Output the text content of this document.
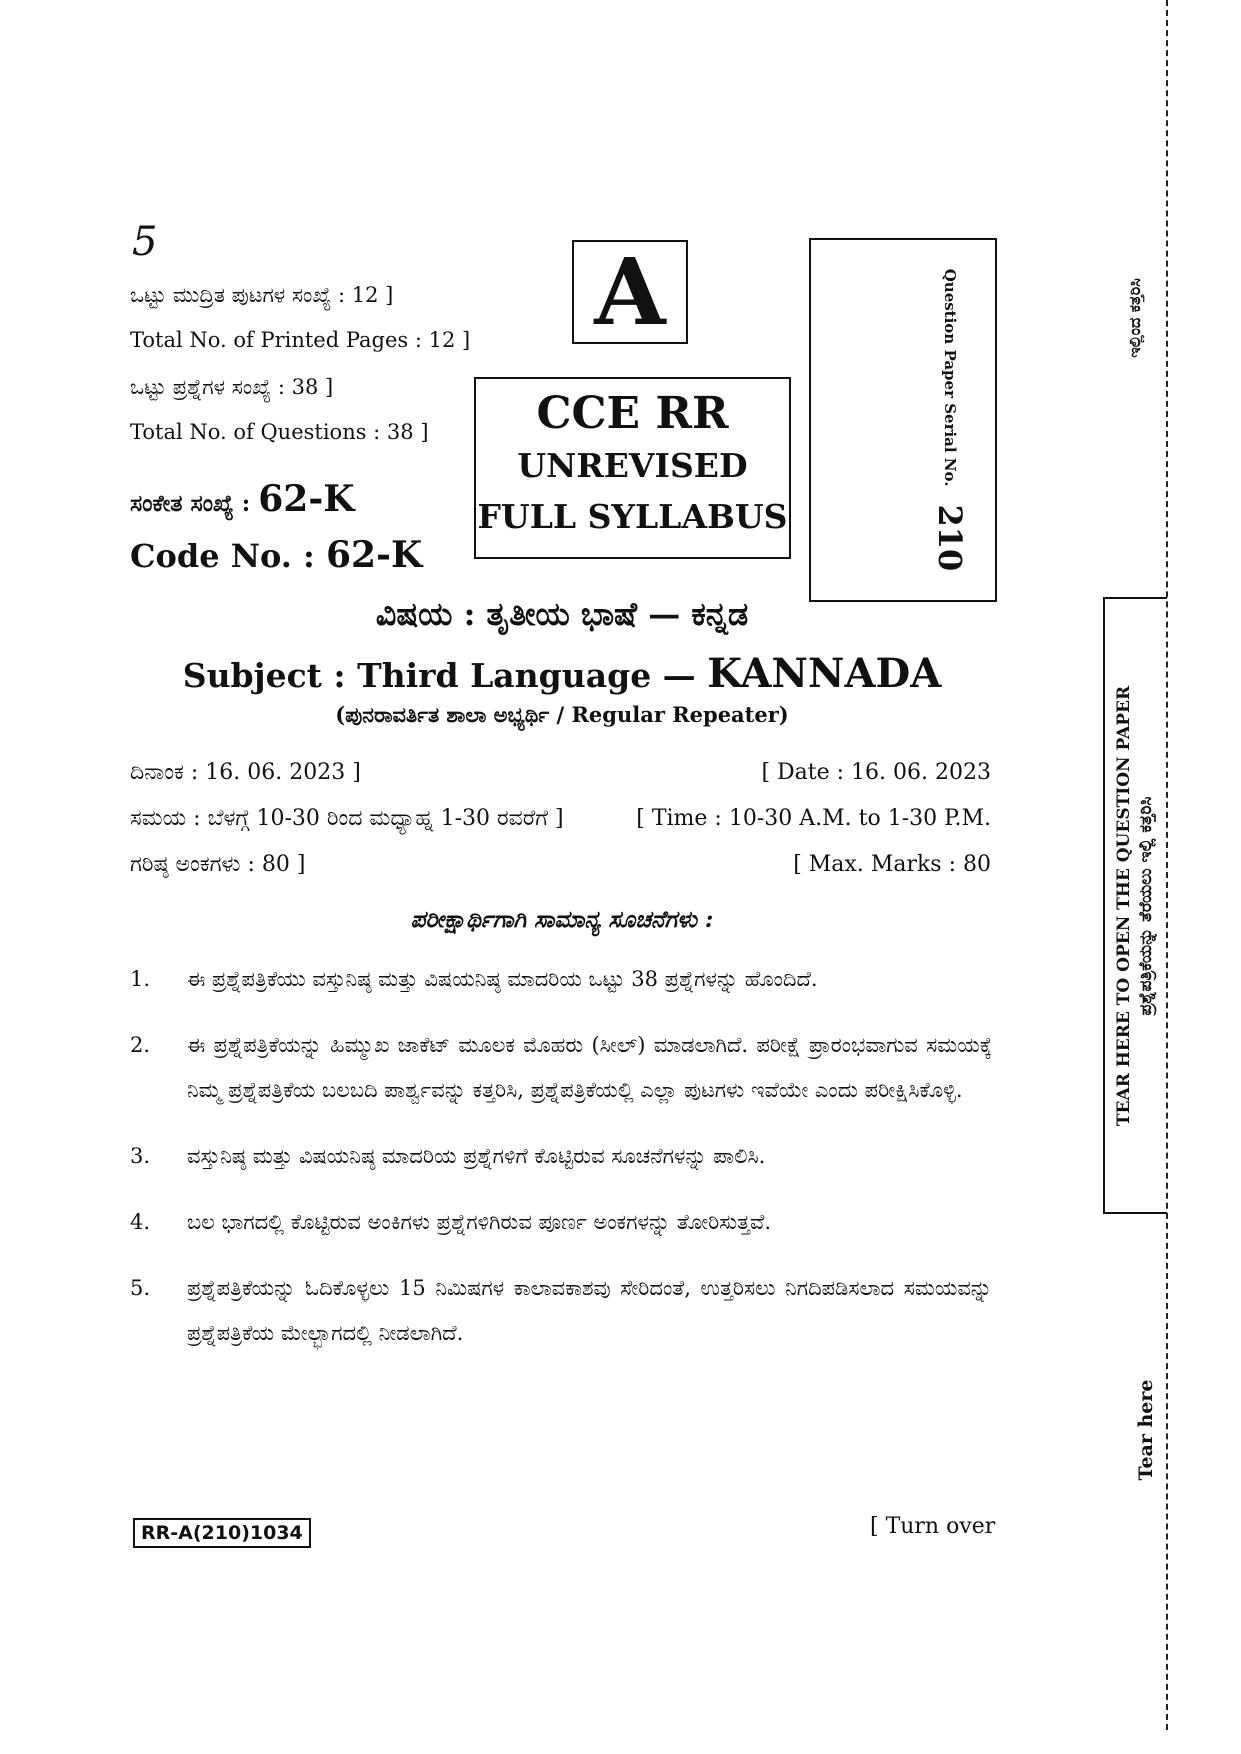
5
ಒಟ್ಟು ಮುದ್ರಿತ ಪುಟಗಳ ಸಂಖ್ಯೆ : 12 ]
Total No. of Printed Pages : 12 ]
ಒಟ್ಟು ಪ್ರಶ್ನೆಗಳ ಸಂಖ್ಯೆ : 38 ]
Total No. of Questions : 38 ]
ಸಂಕೇತ ಸಂಖ್ಯೆ : 62-K
Code No. : 62-K
A
CCE RR
UNREVISED
FULL SYLLABUS
Question Paper Serial No.
210
ವಿಷಯ : ತೃತೀಯ ಭಾಷೆ — ಕನ್ನಡ
Subject : Third Language — KANNADA
(ಪುನರಾವರ್ತಿತ ಶಾಲಾ ಅಭ್ಯರ್ಥಿ / Regular Repeater)
ದಿನಾಂಕ : 16. 06. 2023 ]	[ Date : 16. 06. 2023
ಸಮಯ : ಬೆಳಗ್ಗೆ 10-30 ರಿಂದ ಮಧ್ಯಾಹ್ನ 1-30 ರವರೆಗೆ ]	[ Time : 10-30 A.M. to 1-30 P.M.
ಗರಿಷ್ಠ ಅಂಕಗಳು : 80 ]	[ Max. Marks : 80
ಪರೀಕ್ಷಾರ್ಥಿಗಾಗಿ ಸಾಮಾನ್ಯ ಸೂಚನೆಗಳು :
1.	ಈ ಪ್ರಶ್ನೆಪತ್ರಿಕೆಯು ವಸ್ತುನಿಷ್ಠ ಮತ್ತು ವಿಷಯನಿಷ್ಠ ಮಾದರಿಯ ಒಟ್ಟು 38 ಪ್ರಶ್ನೆಗಳನ್ನು ಹೊಂದಿದೆ.
2.	ಈ ಪ್ರಶ್ನೆಪತ್ರಿಕೆಯನ್ನು ಹಿಮ್ಮುಖ ಜಾಕೆಟ್ ಮೂಲಕ ಮೊಹರು (ಸೀಲ್) ಮಾಡಲಾಗಿದೆ. ಪರೀಕ್ಷೆ ಪ್ರಾರಂಭವಾಗುವ ಸಮಯಕ್ಕೆ ನಿಮ್ಮ ಪ್ರಶ್ನೆಪತ್ರಿಕೆಯ ಬಲಬದಿ ಪಾರ್ಶ್ವವನ್ನು ಕತ್ತರಿಸಿ, ಪ್ರಶ್ನೆಪತ್ರಿಕೆಯಲ್ಲಿ ಎಲ್ಲಾ ಪುಟಗಳು ಇವೆಯೇ ಎಂದು ಪರೀಕ್ಷಿಸಿಕೊಳ್ಳಿ.
3.	ವಸ್ತುನಿಷ್ಠ ಮತ್ತು ವಿಷಯನಿಷ್ಠ ಮಾದರಿಯ ಪ್ರಶ್ನೆಗಳಿಗೆ ಕೊಟ್ಟಿರುವ ಸೂಚನೆಗಳನ್ನು ಪಾಲಿಸಿ.
4.	ಬಲ ಭಾಗದಲ್ಲಿ ಕೊಟ್ಟಿರುವ ಅಂಕಿಗಳು ಪ್ರಶ್ನೆಗಳಿಗಿರುವ ಪೂರ್ಣ ಅಂಕಗಳನ್ನು ತೋರಿಸುತ್ತವೆ.
5.	ಪ್ರಶ್ನೆಪತ್ರಿಕೆಯನ್ನು ಓದಿಕೊಳ್ಳಲು 15 ನಿಮಿಷಗಳ ಕಾಲಾವಕಾಶವು ಸೇರಿದಂತೆ, ಉತ್ತರಿಸಲು ನಿಗದಿಪಡಿಸಲಾದ ಸಮಯವನ್ನು ಪ್ರಶ್ನೆಪತ್ರಿಕೆಯ ಮೇಲ್ಭಾಗದಲ್ಲಿ ನೀಡಲಾಗಿದೆ.
RR-A(210)1034	[ Turn over
ಇಲ್ಲಿಂದ ಕತ್ತರಿಸಿ
TEAR HERE TO OPEN THE QUESTION PAPER ಪ್ರಶ್ನೆಪತ್ರಿಕೆಯನ್ನು ತೆರೆಯಲು ಇಲ್ಲಿ ಕತ್ತರಿಸಿ
Tear here
